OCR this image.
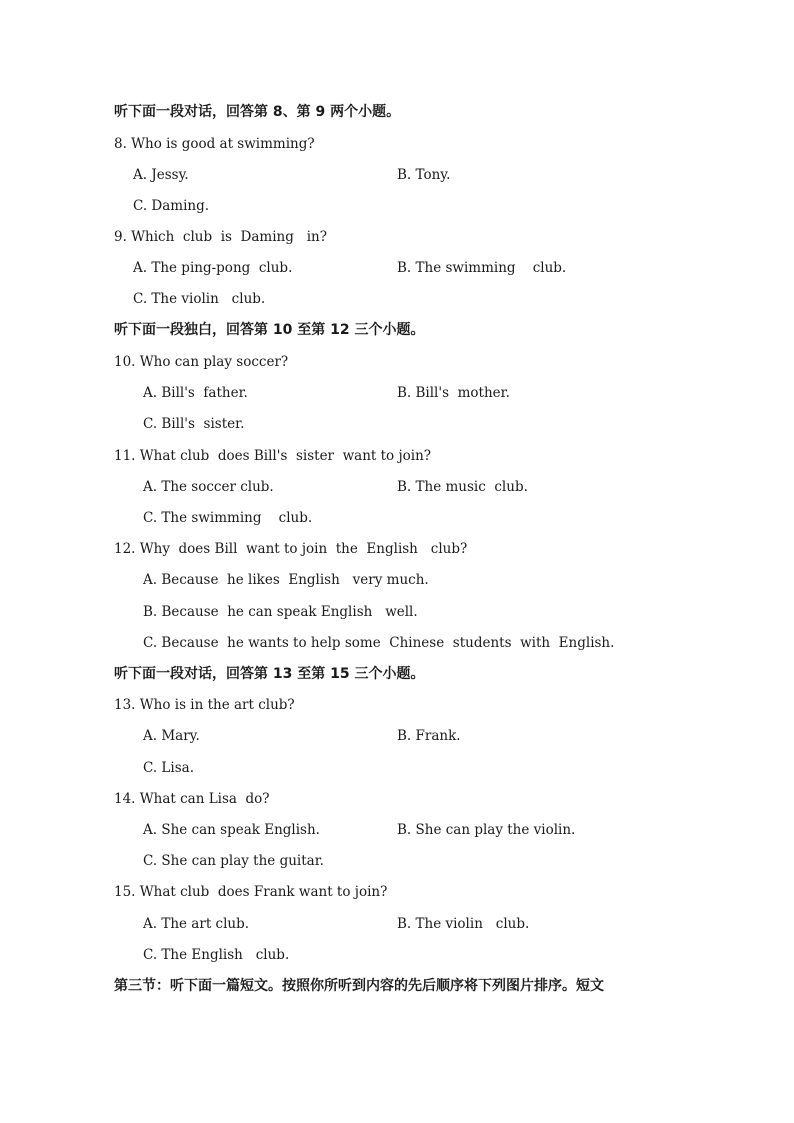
听下面一段对话，回答第 8、第 9 两个小题。

8. Who is good at swimming?

A. Jessy.

	B. Tony.

C. Daming.

9. Which  club  is  Daming   in?

A. The ping-pong  club.

	B. The swimming    club.

C. The violin   club.

听下面一段独白，回答第 10 至第 12 三个小题。

10. Who can play soccer?

A. Bill's  father.

	B. Bill's  mother.

C. Bill's  sister.

11. What club  does Bill's  sister  want to join?

A. The soccer club.

	B. The music  club.

C. The swimming    club.

12. Why  does Bill  want to join  the  English   club?

A. Because  he likes  English   very much.

B. Because  he can speak English   well.

C. Because  he wants to help some  Chinese  students  with  English.

听下面一段对话，回答第 13 至第 15 三个小题。

13. Who is in the art club?

A. Mary.

	B. Frank.

C. Lisa.

14. What can Lisa  do?

A. She can speak English.

	B. She can play the violin.

C. She can play the guitar.

15. What club  does Frank want to join?

A. The art club.

	B. The violin   club.

C. The English   club.

第三节：听下面一篇短文。按照你所听到内容的先后顺序将下列图片排序。短文
